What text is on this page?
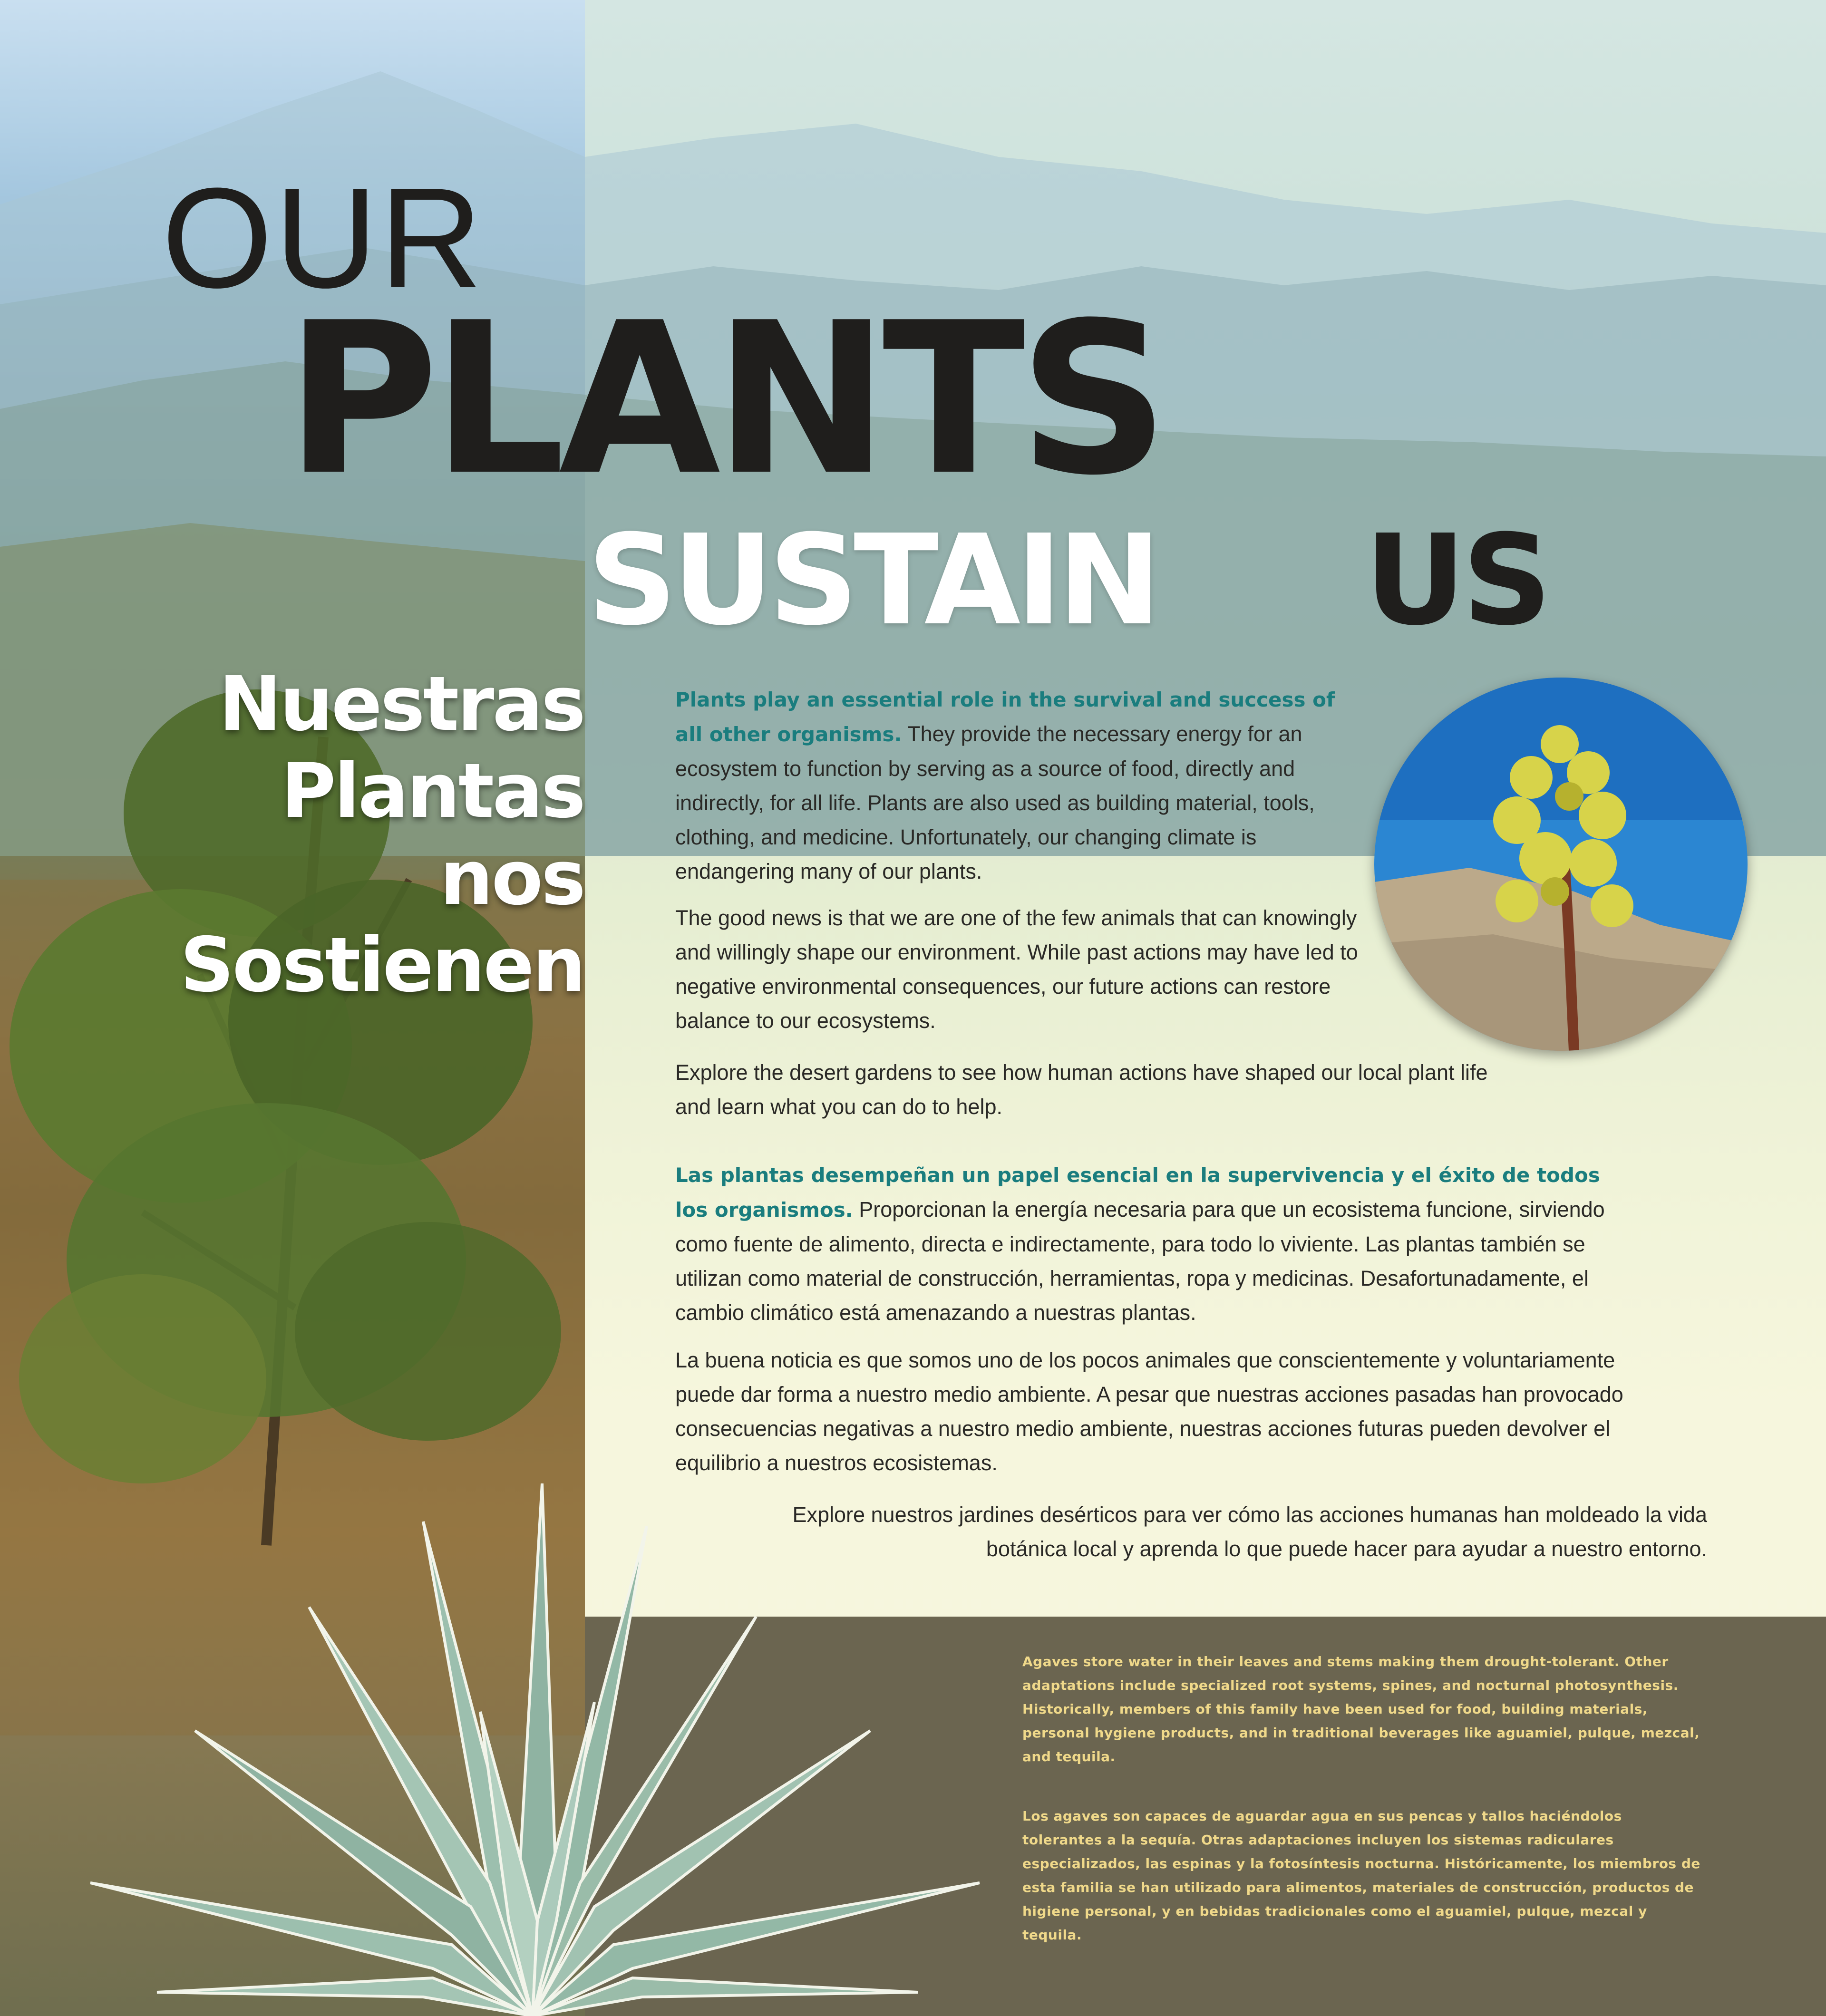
OUR
PLANTS
SUSTAIN US
Nuestras
Plantas
nos
Sostienen

Plants play an essential role in the survival and success of all other organisms. They provide the necessary energy for an ecosystem to function by serving as a source of food, directly and indirectly, for all life. Plants are also used as building material, tools, clothing, and medicine. Unfortunately, our changing climate is endangering many of our plants.

The good news is that we are one of the few animals that can knowingly and willingly shape our environment. While past actions may have led to negative environmental consequences, our future actions can restore balance to our ecosystems.

Explore the desert gardens to see how human actions have shaped our local plant life and learn what you can do to help.

Las plantas desempeñan un papel esencial en la supervivencia y el éxito de todos los organismos. Proporcionan la energía necesaria para que un ecosistema funcione, sirviendo como fuente de alimento, directa e indirectamente, para todo lo viviente. Las plantas también se utilizan como material de construcción, herramientas, ropa y medicinas. Desafortunadamente, el cambio climático está amenazando a nuestras plantas.

La buena noticia es que somos uno de los pocos animales que conscientemente y voluntariamente puede dar forma a nuestro medio ambiente. A pesar que nuestras acciones pasadas han provocado consecuencias negativas a nuestro medio ambiente, nuestras acciones futuras pueden devolver el equilibrio a nuestros ecosistemas.

Explore nuestros jardines desérticos para ver cómo las acciones humanas han moldeado la vida botánica local y aprenda lo que puede hacer para ayudar a nuestro entorno.

Agaves store water in their leaves and stems making them drought-tolerant. Other adaptations include specialized root systems, spines, and nocturnal photosynthesis. Historically, members of this family have been used for food, building materials, personal hygiene products, and in traditional beverages like aguamiel, pulque, mezcal, and tequila.

Los agaves son capaces de aguardar agua en sus pencas y tallos haciéndolos tolerantes a la sequía. Otras adaptaciones incluyen los sistemas radiculares especializados, las espinas y la fotosíntesis nocturna. Históricamente, los miembros de esta familia se han utilizado para alimentos, materiales de construcción, productos de higiene personal, y en bebidas tradicionales como el aguamiel, pulque, mezcal y tequila.
